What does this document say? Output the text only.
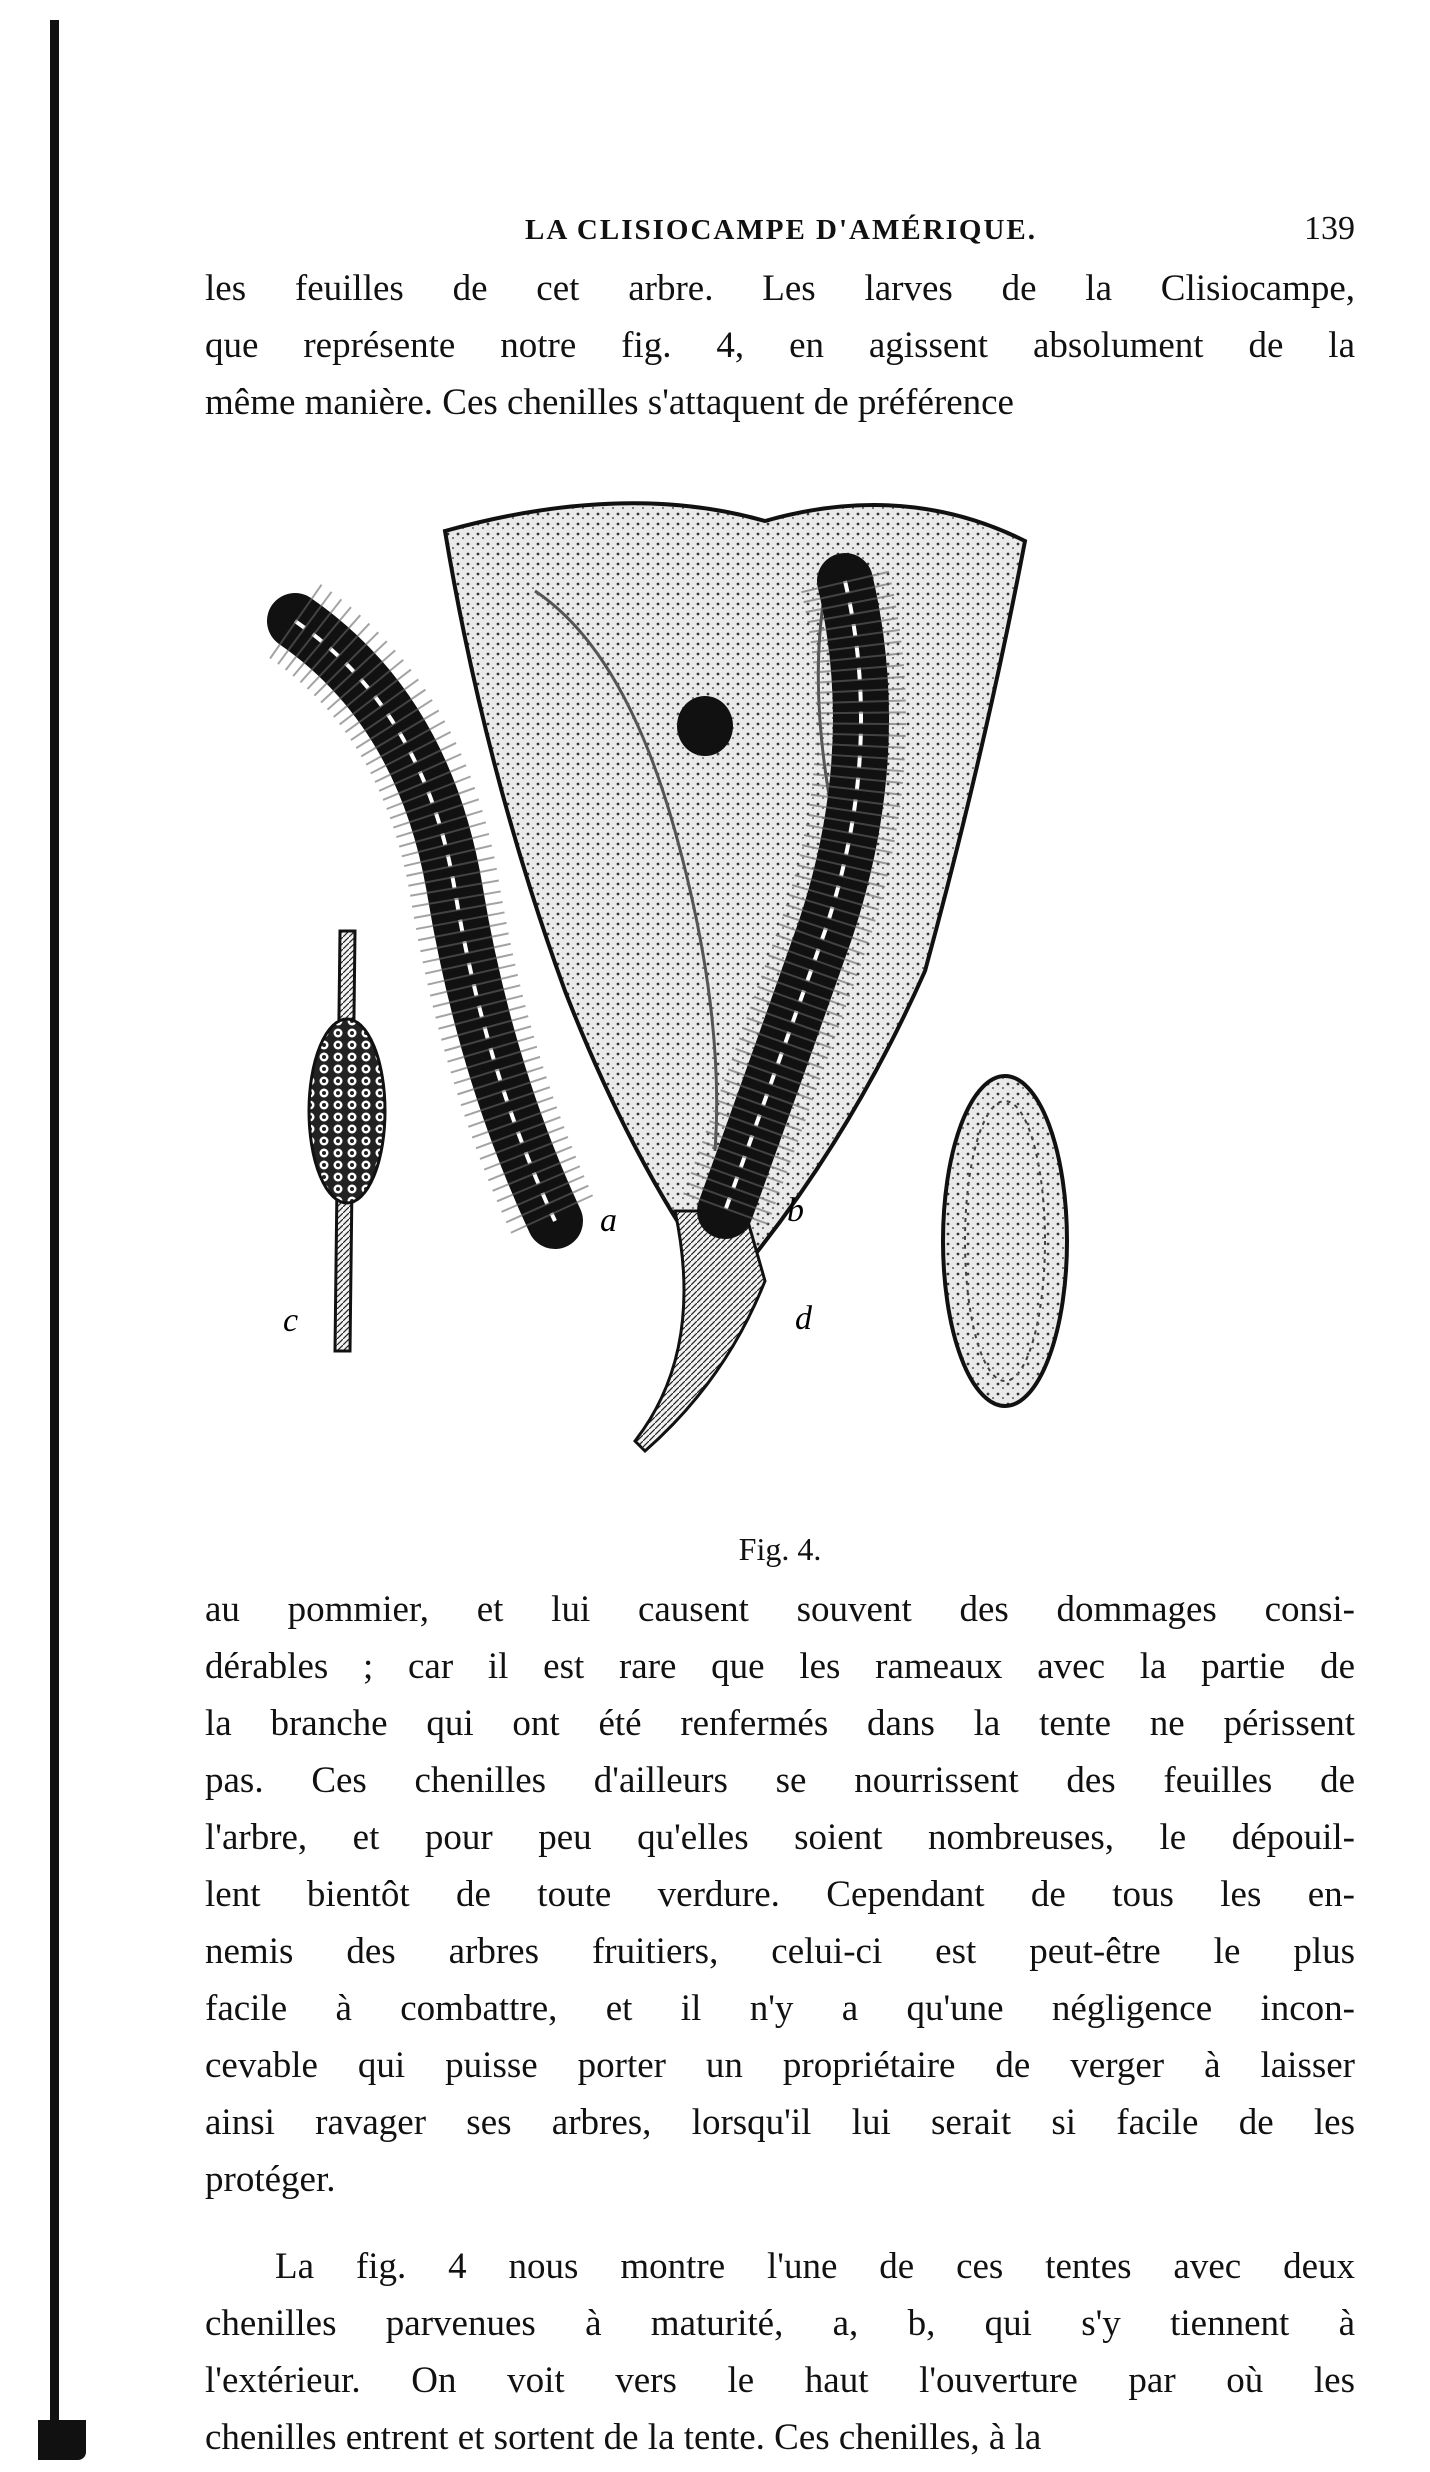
LA CLISIOCAMPE D'AMÉRIQUE.	139

les feuilles de cet arbre. Les larves de la Clisiocampe,
que représente notre fig. 4, en agissent absolument de la
même manière. Ces chenilles s'attaquent de préférence

a	b
c	d
Fig. 4.

au pommier, et lui causent souvent des dommages consi-
dérables ; car il est rare que les rameaux avec la partie de
la branche qui ont été renfermés dans la tente ne périssent
pas. Ces chenilles d'ailleurs se nourrissent des feuilles de
l'arbre, et pour peu qu'elles soient nombreuses, le dépouil-
lent bientôt de toute verdure. Cependant de tous les en-
nemis des arbres fruitiers, celui-ci est peut-être le plus
facile à combattre, et il n'y a qu'une négligence incon-
cevable qui puisse porter un propriétaire de verger à laisser
ainsi ravager ses arbres, lorsqu'il lui serait si facile de les
protéger.

La fig. 4 nous montre l'une de ces tentes avec deux
chenilles parvenues à maturité, a, b, qui s'y tiennent à
l'extérieur. On voit vers le haut l'ouverture par où les
chenilles entrent et sortent de la tente. Ces chenilles, à la
